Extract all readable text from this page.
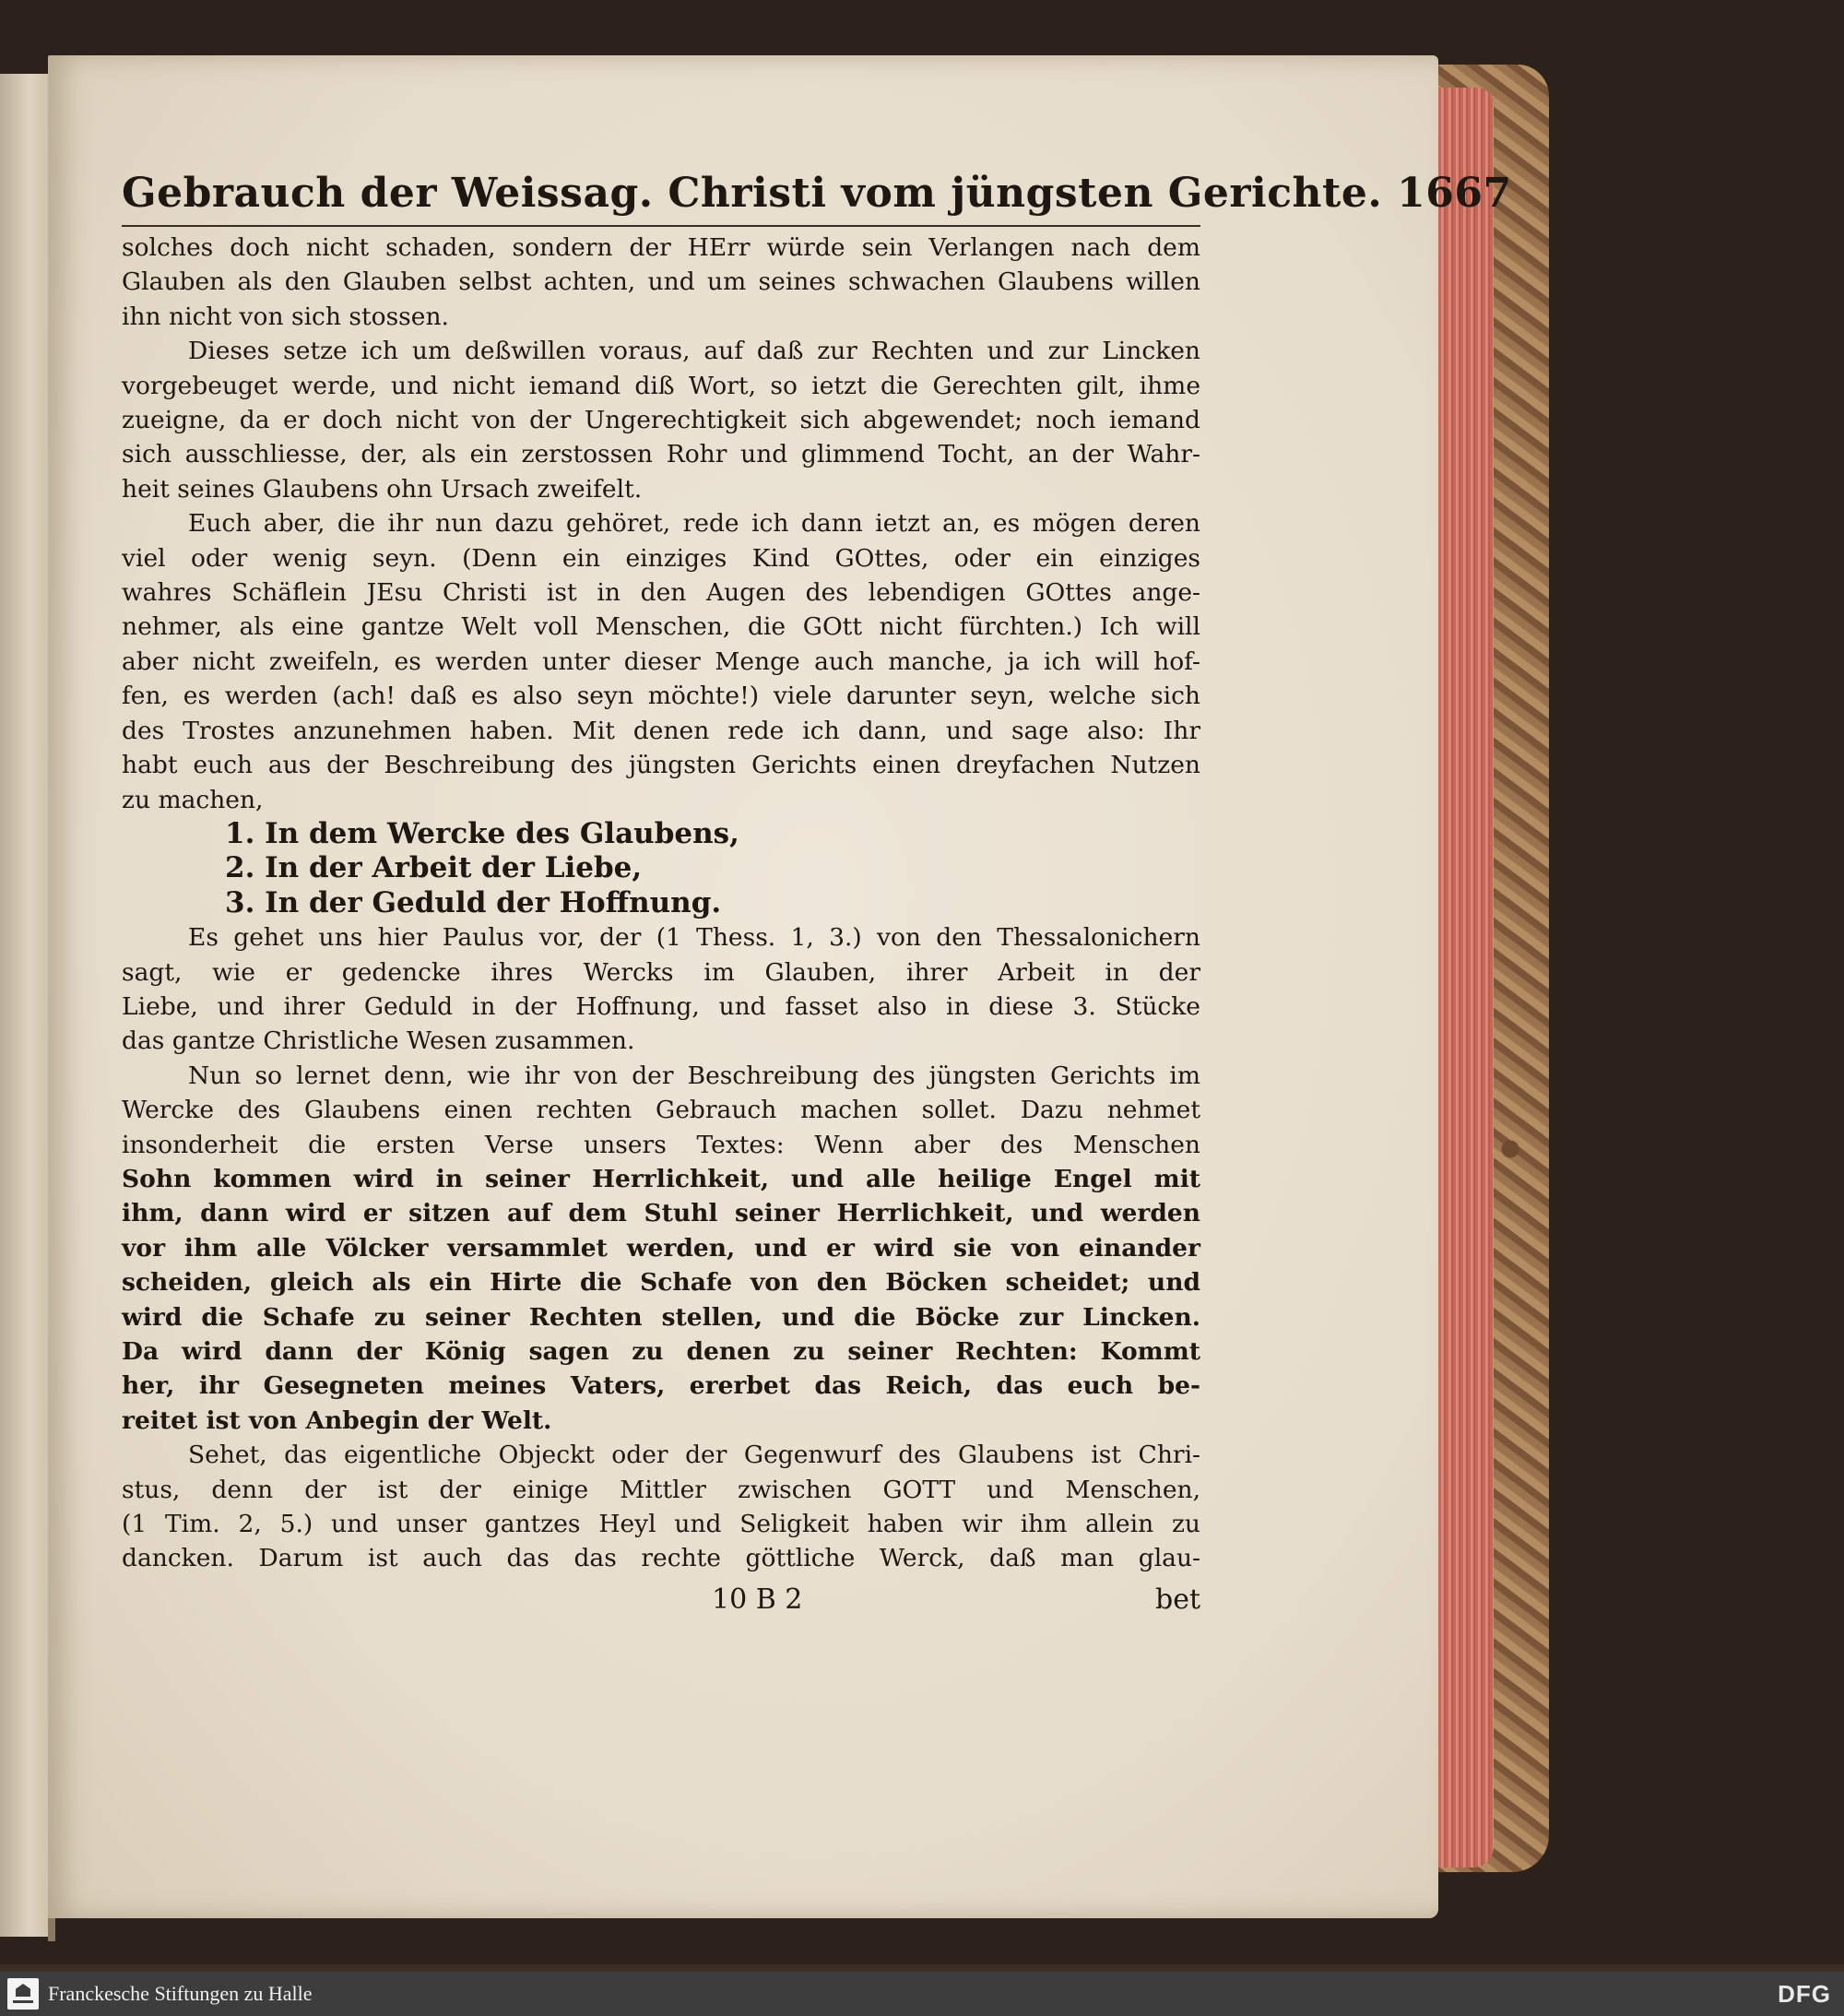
Gebrauch der Weissag. Christi vom jüngsten Gerichte. 1667
solches doch nicht schaden, sondern der HErr würde sein Verlangen nach dem
Glauben als den Glauben selbst achten, und um seines schwachen Glaubens willen
ihn nicht von sich stossen.
Dieses setze ich um deßwillen voraus, auf daß zur Rechten und zur Lincken
vorgebeuget werde, und nicht iemand diß Wort, so ietzt die Gerechten gilt, ihme
zueigne, da er doch nicht von der Ungerechtigkeit sich abgewendet; noch iemand
sich ausschliesse, der, als ein zerstossen Rohr und glimmend Tocht, an der Wahr-
heit seines Glaubens ohn Ursach zweifelt.
Euch aber, die ihr nun dazu gehöret, rede ich dann ietzt an, es mögen deren
viel oder wenig seyn. (Denn ein einziges Kind GOttes, oder ein einziges
wahres Schäflein JEsu Christi ist in den Augen des lebendigen GOttes ange-
nehmer, als eine gantze Welt voll Menschen, die GOtt nicht fürchten.) Ich will
aber nicht zweifeln, es werden unter dieser Menge auch manche, ja ich will hof-
fen, es werden (ach! daß es also seyn möchte!) viele darunter seyn, welche sich
des Trostes anzunehmen haben. Mit denen rede ich dann, und sage also: Ihr
habt euch aus der Beschreibung des jüngsten Gerichts einen dreyfachen Nutzen
zu machen,
1. In dem Wercke des Glaubens,
2. In der Arbeit der Liebe,
3. In der Geduld der Hoffnung.
Es gehet uns hier Paulus vor, der (1 Thess. 1, 3.) von den Thessalonichern
sagt, wie er gedencke ihres Wercks im Glauben, ihrer Arbeit in der
Liebe, und ihrer Geduld in der Hoffnung, und fasset also in diese 3. Stücke
das gantze Christliche Wesen zusammen.
Nun so lernet denn, wie ihr von der Beschreibung des jüngsten Gerichts im
Wercke des Glaubens einen rechten Gebrauch machen sollet. Dazu nehmet
insonderheit die ersten Verse unsers Textes: Wenn aber des Menschen
Sohn kommen wird in seiner Herrlichkeit, und alle heilige Engel mit
ihm, dann wird er sitzen auf dem Stuhl seiner Herrlichkeit, und werden
vor ihm alle Völcker versammlet werden, und er wird sie von einander
scheiden, gleich als ein Hirte die Schafe von den Böcken scheidet; und
wird die Schafe zu seiner Rechten stellen, und die Böcke zur Lincken.
Da wird dann der König sagen zu denen zu seiner Rechten: Kommt
her, ihr Gesegneten meines Vaters, ererbet das Reich, das euch be-
reitet ist von Anbegin der Welt.
Sehet, das eigentliche Objeckt oder der Gegenwurf des Glaubens ist Chri-
stus, denn der ist der einige Mittler zwischen GOTT und Menschen,
(1 Tim. 2, 5.) und unser gantzes Heyl und Seligkeit haben wir ihm allein zu
dancken. Darum ist auch das das rechte göttliche Werck, daß man glau-
10 B 2	bet
Franckesche Stiftungen zu Halle	DFG
